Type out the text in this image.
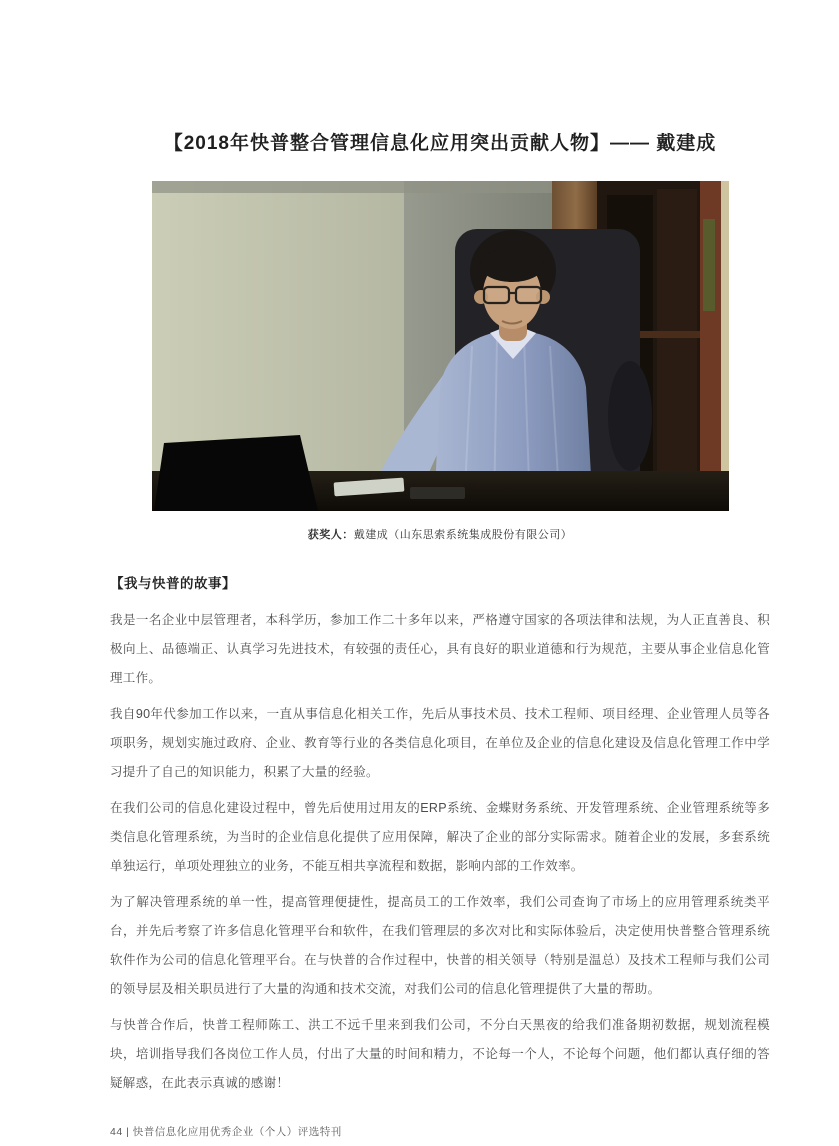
【2018年快普整合管理信息化应用突出贡献人物】—— 戴建成
获奖人：戴建成（山东思索系统集成股份有限公司）
【我与快普的故事】

我是一名企业中层管理者，本科学历，参加工作二十多年以来，严格遵守国家的各项法律和法规，为人正直善良、积极向上、品德端正、认真学习先进技术，有较强的责任心，具有良好的职业道德和行为规范，主要从事企业信息化管理工作。

我自90年代参加工作以来，一直从事信息化相关工作，先后从事技术员、技术工程师、项目经理、企业管理人员等各项职务，规划实施过政府、企业、教育等行业的各类信息化项目，在单位及企业的信息化建设及信息化管理工作中学习提升了自己的知识能力，积累了大量的经验。

在我们公司的信息化建设过程中，曾先后使用过用友的ERP系统、金蝶财务系统、开发管理系统、企业管理系统等多类信息化管理系统，为当时的企业信息化提供了应用保障，解决了企业的部分实际需求。随着企业的发展，多套系统单独运行，单项处理独立的业务，不能互相共享流程和数据，影响内部的工作效率。

为了解决管理系统的单一性，提高管理便捷性，提高员工的工作效率，我们公司查询了市场上的应用管理系统类平台，并先后考察了许多信息化管理平台和软件，在我们管理层的多次对比和实际体验后，决定使用快普整合管理系统软件作为公司的信息化管理平台。在与快普的合作过程中，快普的相关领导（特别是温总）及技术工程师与我们公司的领导层及相关职员进行了大量的沟通和技术交流，对我们公司的信息化管理提供了大量的帮助。

与快普合作后，快普工程师陈工、洪工不远千里来到我们公司，不分白天黑夜的给我们准备期初数据，规划流程模块，培训指导我们各岗位工作人员，付出了大量的时间和精力，不论每一个人，不论每个问题，他们都认真仔细的答疑解惑，在此表示真诚的感谢！

44 | 快普信息化应用优秀企业（个人）评选特刊
